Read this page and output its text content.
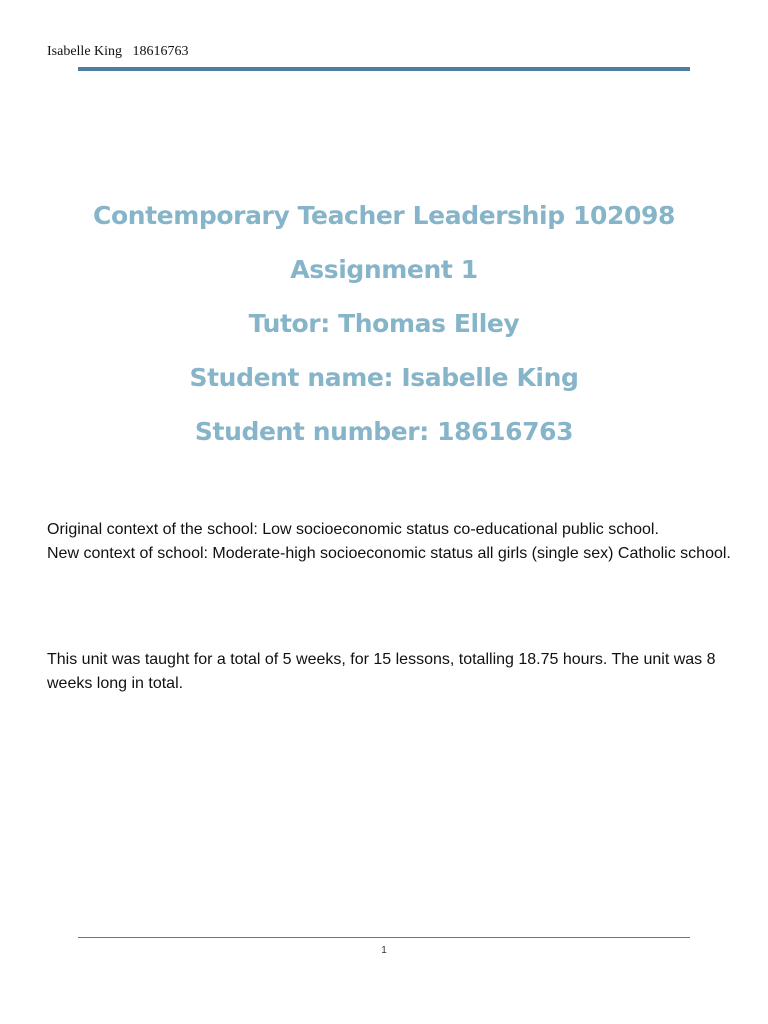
Isabelle King   18616763
Contemporary Teacher Leadership 102098
Assignment 1
Tutor: Thomas Elley
Student name: Isabelle King
Student number: 18616763

Original context of the school: Low socioeconomic status co-educational public school.

New context of school: Moderate-high socioeconomic status all girls (single sex) Catholic school.

This unit was taught for a total of 5 weeks, for 15 lessons, totalling 18.75 hours. The unit was 8 weeks long in total.

1
